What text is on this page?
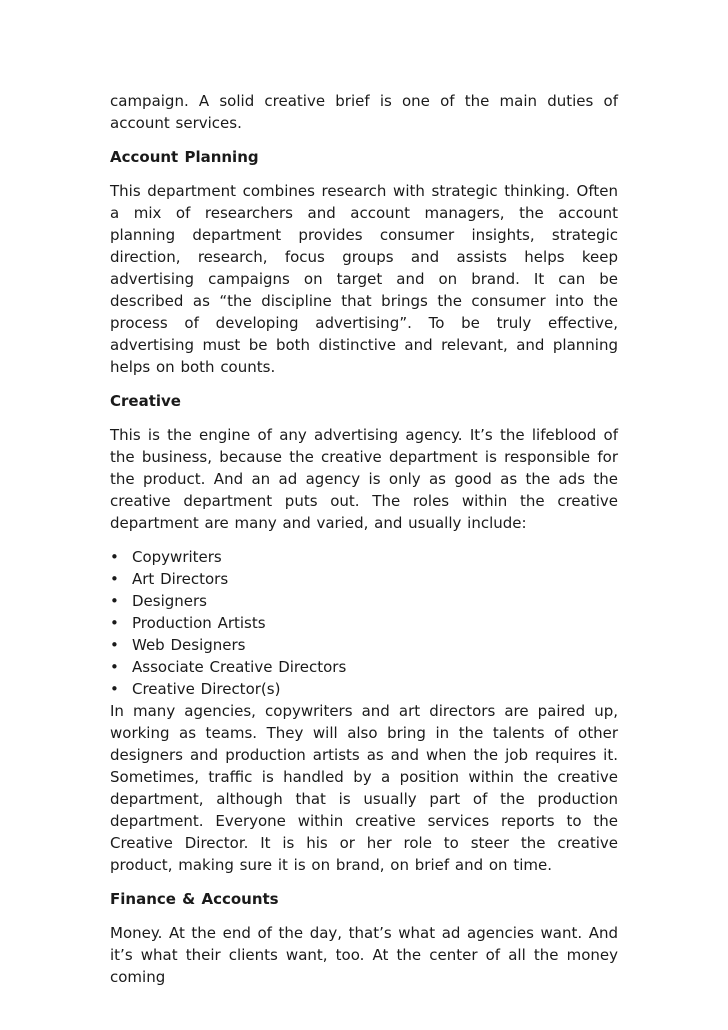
campaign. A solid creative brief is one of the main duties of account services.

Account Planning

This department combines research with strategic thinking. Often a mix of researchers and account managers, the account planning department provides consumer insights, strategic direction, research, focus groups and assists helps keep advertising campaigns on target and on brand. It can be described as “the discipline that brings the consumer into the process of developing advertising”. To be truly effective, advertising must be both distinctive and relevant, and planning helps on both counts.

Creative

This is the engine of any advertising agency. It’s the lifeblood of the business, because the creative department is responsible for the product. And an ad agency is only as good as the ads the creative department puts out. The roles within the creative department are many and varied, and usually include:

• Copywriters
• Art Directors
• Designers
• Production Artists
• Web Designers
• Associate Creative Directors
• Creative Director(s)

In many agencies, copywriters and art directors are paired up, working as teams. They will also bring in the talents of other designers and production artists as and when the job requires it. Sometimes, traffic is handled by a position within the creative department, although that is usually part of the production department. Everyone within creative services reports to the Creative Director. It is his or her role to steer the creative product, making sure it is on brand, on brief and on time.

Finance & Accounts

Money. At the end of the day, that’s what ad agencies want. And it’s what their clients want, too. At the center of all the money coming
